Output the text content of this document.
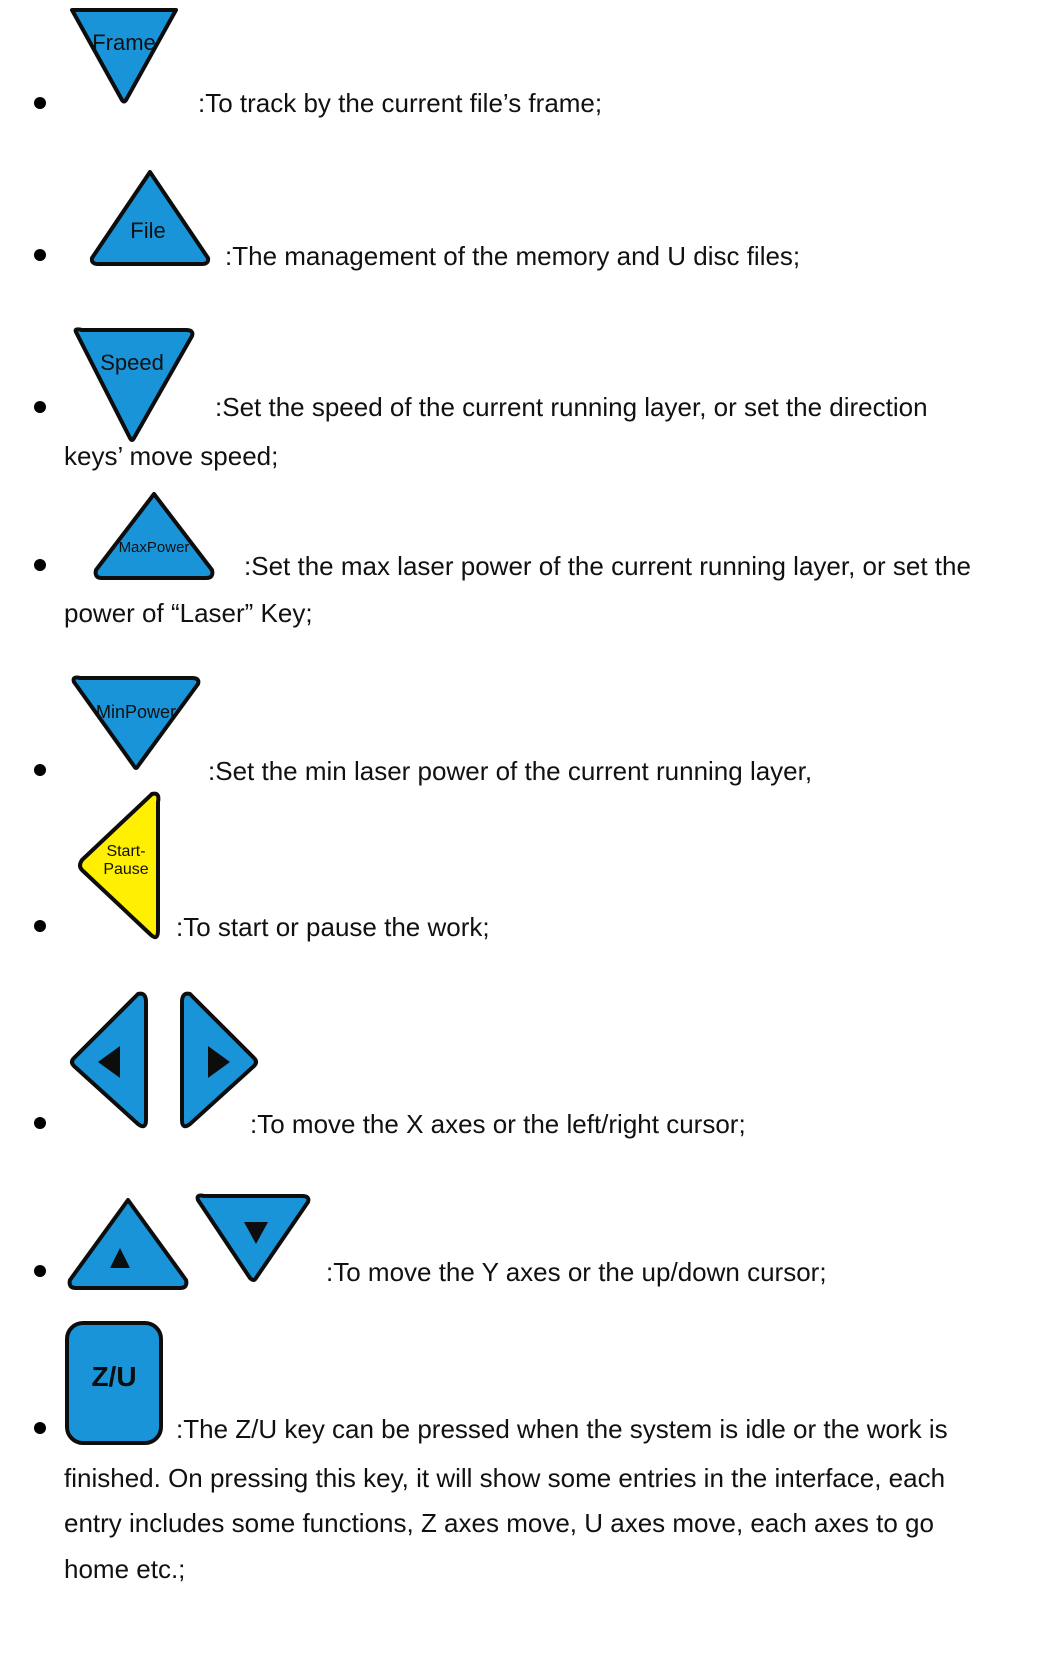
Frame
:To track by the current file’s frame;
File
:The management of the memory and U disc files;
Speed
:Set the speed of the current running layer, or set the direction
keys’ move speed;
MaxPower
:Set the max laser power of the current running layer, or set the
power of “Laser” Key;
MinPower
:Set the min laser power of the current running layer,
Start-
Pause
:To start or pause the work;
:To move the X axes or the left/right cursor;
:To move the Y axes or the up/down cursor;
Z/U
:The Z/U key can be pressed when the system is idle or the work is
finished. On pressing this key, it will show some entries in the interface, each
entry includes some functions, Z axes move, U axes move, each axes to go
home etc.;
